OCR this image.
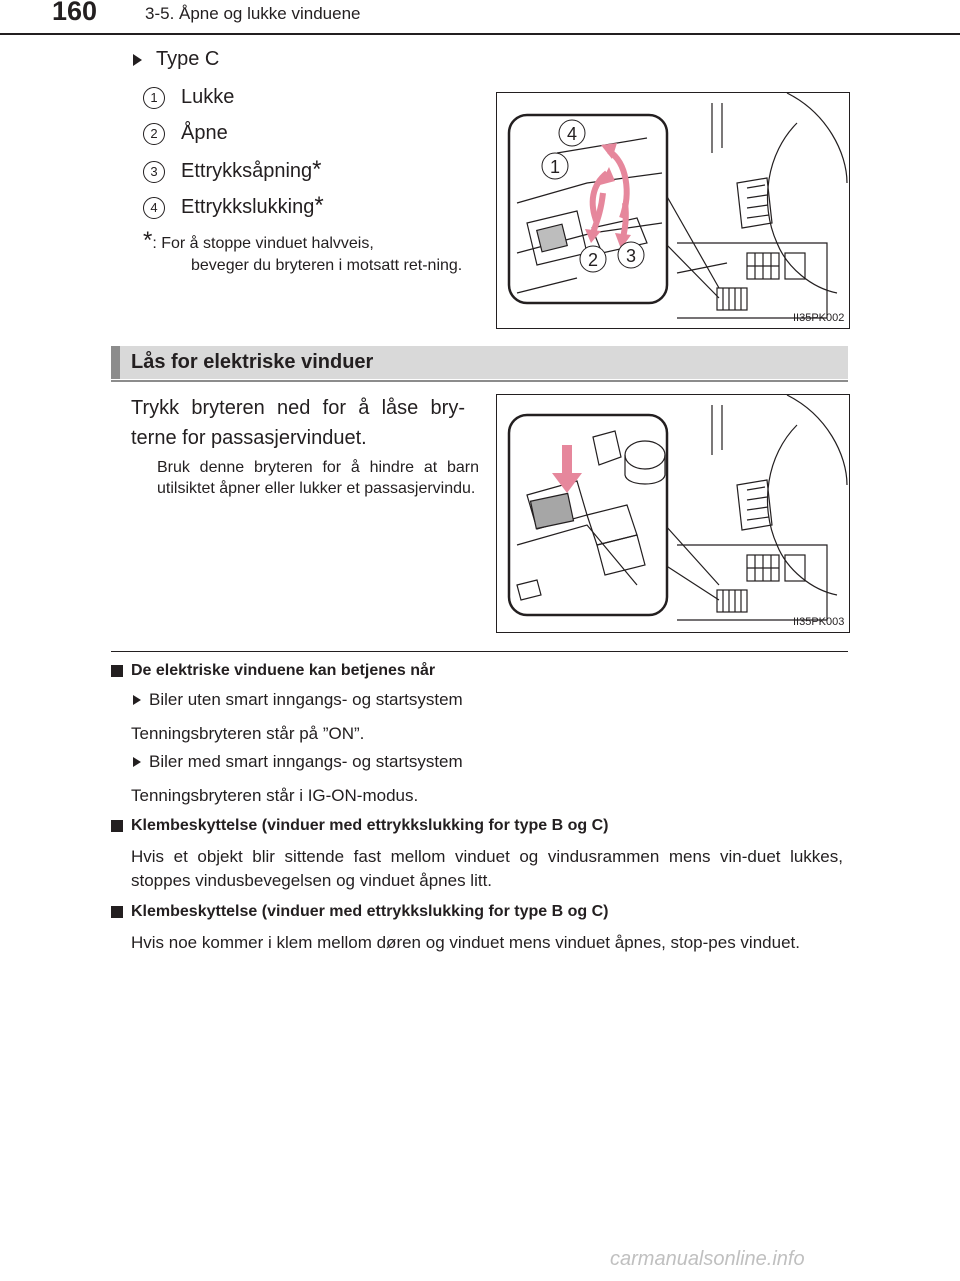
160	3-5. Åpne og lukke vinduene
Type C
1	Lukke
2	Åpne
3	Ettrykksåpning*
4	Ettrykkslukking*
*: For å stoppe vinduet halvveis,
beveger du bryteren i motsatt ret-ning.
4
1
2 3
II35PK002
Lås for elektriske vinduer
Trykk bryteren ned for å låse bry-terne for passasjervinduet.
Bruk denne bryteren for å hindre at barn utilsiktet åpner eller lukker et passasjervindu.
II35PK003
De elektriske vinduene kan betjenes når
Biler uten smart inngangs- og startsystem
Tenningsbryteren står på ”ON”.
Biler med smart inngangs- og startsystem
Tenningsbryteren står i IG-ON-modus.
Klembeskyttelse (vinduer med ettrykkslukking for type B og C)
Hvis et objekt blir sittende fast mellom vinduet og vindusrammen mens vin-duet lukkes, stoppes vindusbevegelsen og vinduet åpnes litt.
Klembeskyttelse (vinduer med ettrykkslukking for type B og C)
Hvis noe kommer i klem mellom døren og vinduet mens vinduet åpnes, stop-pes vinduet.
carmanualsonline.info
